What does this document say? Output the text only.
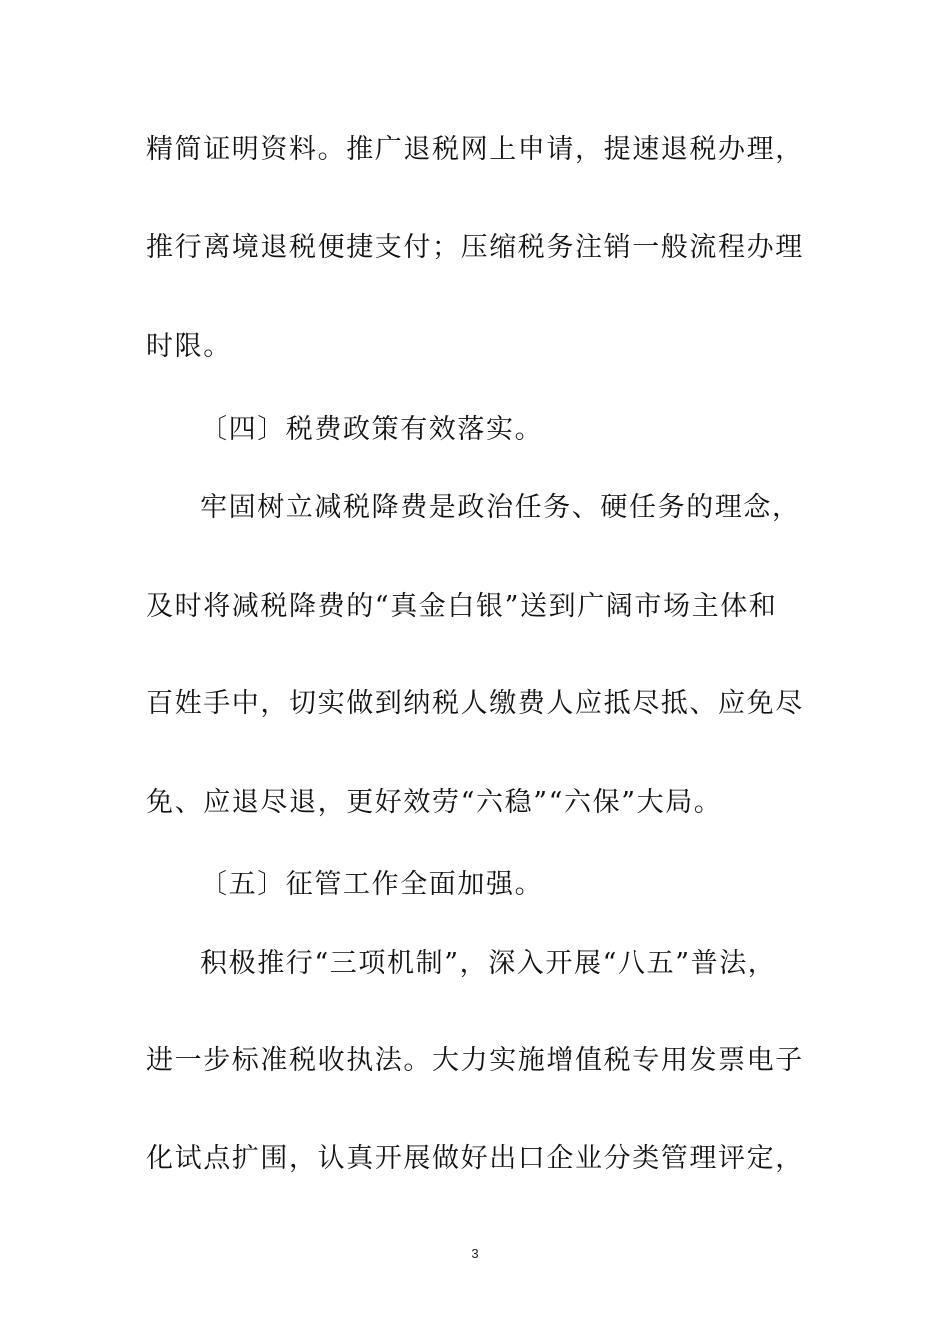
精简证明资料。推广退税网上申请，提速退税办理，
推行离境退税便捷支付；压缩税务注销一般流程办理
时限。
〔四〕税费政策有效落实。
牢固树立减税降费是政治任务、硬任务的理念，
及时将减税降费的“真金白银”送到广阔市场主体和
百姓手中，切实做到纳税人缴费人应抵尽抵、应免尽
免、应退尽退，更好效劳“六稳”“六保”大局。
〔五〕征管工作全面加强。
积极推行“三项机制”，深入开展“八五”普法，
进一步标准税收执法。大力实施增值税专用发票电子
化试点扩围，认真开展做好出口企业分类管理评定，
3
